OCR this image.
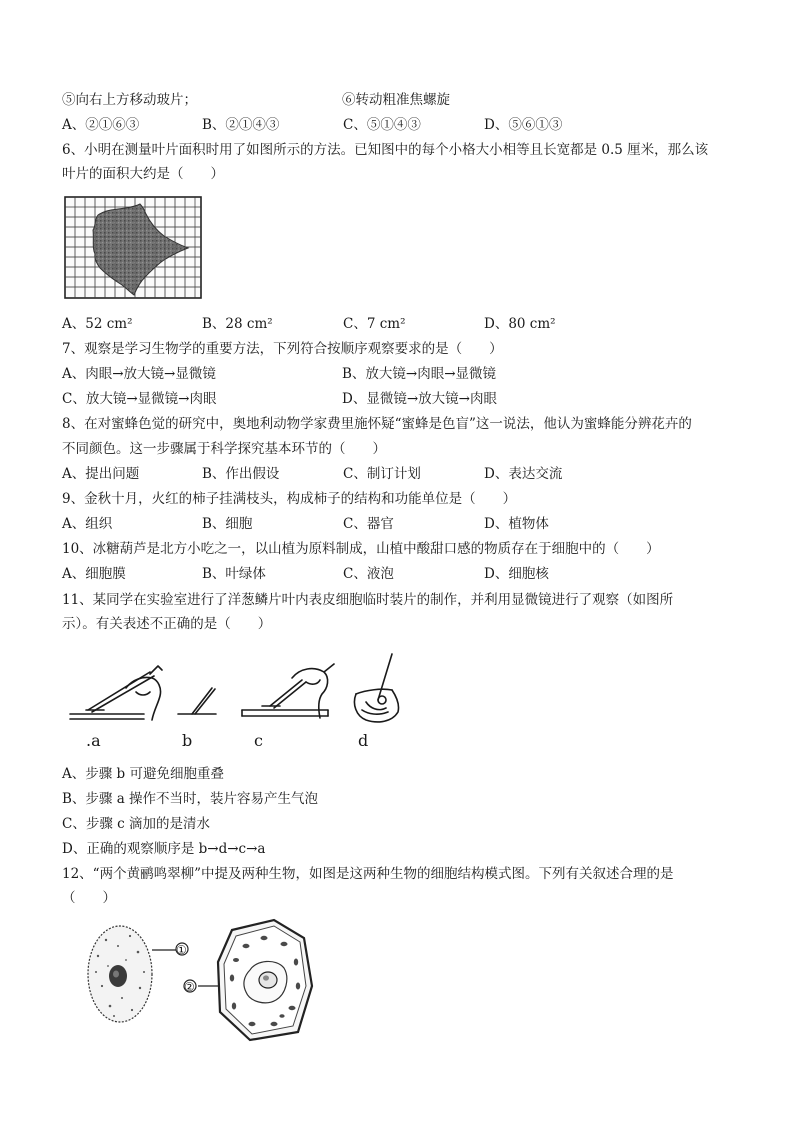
⑤向右上方移动玻片；	⑥转动粗准焦螺旋
A、②①⑥③	B、②①④③	C、⑤①④③	D、⑤⑥①③
6、小明在测量叶片面积时用了如图所示的方法。已知图中的每个小格大小相等且长宽都是 0.5 厘米，那么该
叶片的面积大约是（　　）
A、52 cm²	B、28 cm²	C、7 cm²	D、80 cm²
7、观察是学习生物学的重要方法，下列符合按顺序观察要求的是（　　）
A、肉眼→放大镜→显微镜	B、放大镜→肉眼→显微镜
C、放大镜→显微镜→肉眼	D、显微镜→放大镜→肉眼
8、在对蜜蜂色觉的研究中，奥地利动物学家费里施怀疑“蜜蜂是色盲”这一说法，他认为蜜蜂能分辨花卉的
不同颜色。这一步骤属于科学探究基本环节的（　　）
A、提出问题	B、作出假设	C、制订计划	D、表达交流
9、金秋十月，火红的柿子挂满枝头，构成柿子的结构和功能单位是（　　）
A、组织	B、细胞	C、器官	D、植物体
10、冰糖葫芦是北方小吃之一，以山植为原料制成，山植中酸甜口感的物质存在于细胞中的（　　）
A、细胞膜	B、叶绿体	C、液泡	D、细胞核
11、某同学在实验室进行了洋葱鳞片叶内表皮细胞临时装片的制作，并利用显微镜进行了观察（如图所
示）。有关表述不正确的是（　　）
.a	b	c	d
A、步骤 b 可避免细胞重叠
B、步骤 a 操作不当时，装片容易产生气泡
C、步骤 c 滴加的是清水
D、正确的观察顺序是 b→d→c→a
12、“两个黄鹂鸣翠柳”中提及两种生物，如图是这两种生物的细胞结构模式图。下列有关叙述合理的是
（　　）
①
②
